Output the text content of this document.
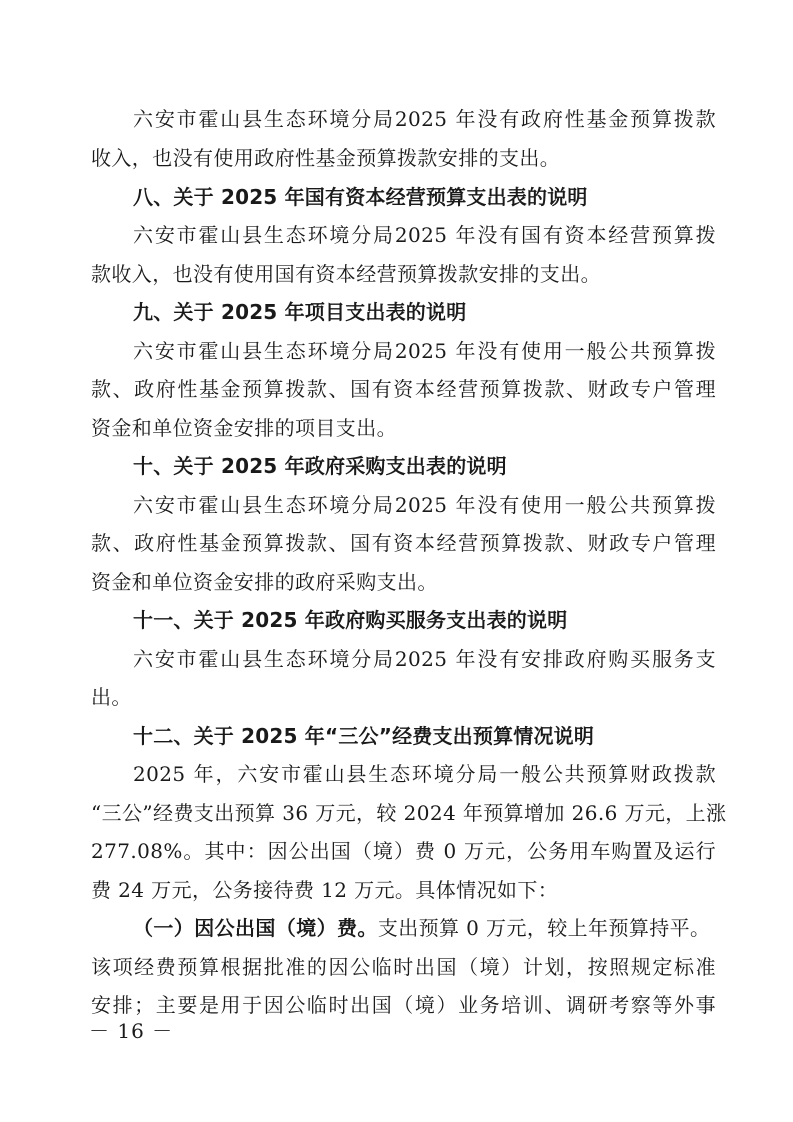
六安市霍山县生态环境分局2025 年没有政府性基金预算拨款
收入，也没有使用政府性基金预算拨款安排的支出。
八、关于 2025 年国有资本经营预算支出表的说明
六安市霍山县生态环境分局2025 年没有国有资本经营预算拨
款收入，也没有使用国有资本经营预算拨款安排的支出。
九、关于 2025 年项目支出表的说明
六安市霍山县生态环境分局2025 年没有使用一般公共预算拨
款、政府性基金预算拨款、国有资本经营预算拨款、财政专户管理
资金和单位资金安排的项目支出。
十、关于 2025 年政府采购支出表的说明
六安市霍山县生态环境分局2025 年没有使用一般公共预算拨
款、政府性基金预算拨款、国有资本经营预算拨款、财政专户管理
资金和单位资金安排的政府采购支出。
十一、关于 2025 年政府购买服务支出表的说明
六安市霍山县生态环境分局2025 年没有安排政府购买服务支
出。
十二、关于 2025 年“三公”经费支出预算情况说明
2025 年，六安市霍山县生态环境分局一般公共预算财政拨款
“三公”经费支出预算 36 万元，较 2024 年预算增加 26.6 万元，上涨
277.08%。其中：因公出国（境）费 0 万元，公务用车购置及运行
费 24 万元，公务接待费 12 万元。具体情况如下：
（一）因公出国（境）费。支出预算 0 万元，较上年预算持平。
该项经费预算根据批准的因公临时出国（境）计划，按照规定标准
安排；主要是用于因公临时出国（境）业务培训、调研考察等外事
－ 16 －
